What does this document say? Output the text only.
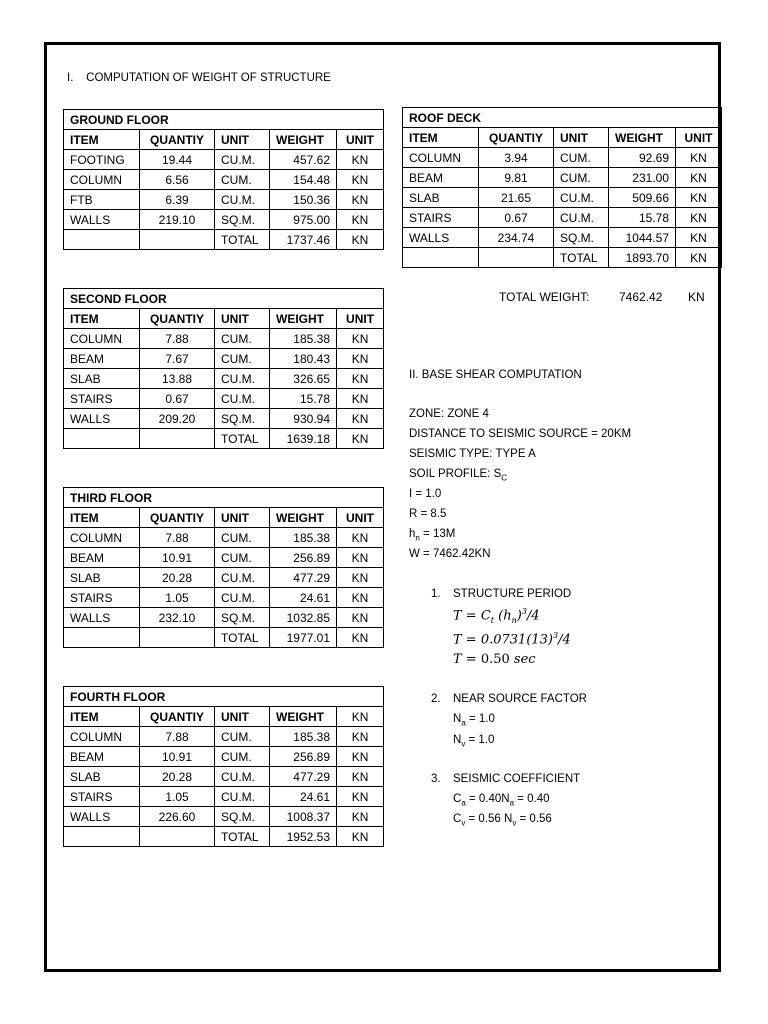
I.    COMPUTATION OF WEIGHT OF STRUCTURE
GROUND FLOOR				
ITEM	QUANTIY	UNIT	WEIGHT	UNIT
FOOTING	19.44	CU.M.	457.62	KN
COLUMN	6.56	CUM.	154.48	KN
FTB	6.39	CU.M.	150.36	KN
WALLS	219.10	SQ.M.	975.00	KN
		TOTAL	1737.46	KN
ROOF DECK				
ITEM	QUANTIY	UNIT	WEIGHT	UNIT
COLUMN	3.94	CUM.	92.69	KN
BEAM	9.81	CUM.	231.00	KN
SLAB	21.65	CU.M.	509.66	KN
STAIRS	0.67	CU.M.	15.78	KN
WALLS	234.74	SQ.M.	1044.57	KN
		TOTAL	1893.70	KN
TOTAL WEIGHT: 7462.42 KN
SECOND FLOOR				
ITEM	QUANTIY	UNIT	WEIGHT	UNIT
COLUMN	7.88	CUM.	185.38	KN
BEAM	7.67	CUM.	180.43	KN
SLAB	13.88	CU.M.	326.65	KN
STAIRS	0.67	CU.M.	15.78	KN
WALLS	209.20	SQ.M.	930.94	KN
		TOTAL	1639.18	KN
THIRD FLOOR				
ITEM	QUANTIY	UNIT	WEIGHT	UNIT
COLUMN	7.88	CUM.	185.38	KN
BEAM	10.91	CUM.	256.89	KN
SLAB	20.28	CU.M.	477.29	KN
STAIRS	1.05	CU.M.	24.61	KN
WALLS	232.10	SQ.M.	1032.85	KN
		TOTAL	1977.01	KN
FOURTH FLOOR				
ITEM	QUANTIY	UNIT	WEIGHT	KN
COLUMN	7.88	CUM.	185.38	KN
BEAM	10.91	CUM.	256.89	KN
SLAB	20.28	CU.M.	477.29	KN
STAIRS	1.05	CU.M.	24.61	KN
WALLS	226.60	SQ.M.	1008.37	KN
		TOTAL	1952.53	KN
II. BASE SHEAR COMPUTATION
ZONE: ZONE 4
DISTANCE TO SEISMIC SOURCE = 20KM
SEISMIC TYPE: TYPE A
SOIL PROFILE: $S_C$
I = 1.0
R = 8.5
$h_n = 13M$
W = 7462.42KN
1. STRUCTURE PERIOD
$T = C_t$ $(h_n)^3/4$
$T = 0.0731(13)^3/4$
T = 0.50 sec
2. NEAR SOURCE FACTOR
$N_a = 1.0$
$N_v = 1.0$
3. SEISMIC COEFFICIENT
$C_a = 0.40N_a = 0.40$
$C_v = 0.56$ $N_v = 0.56$
